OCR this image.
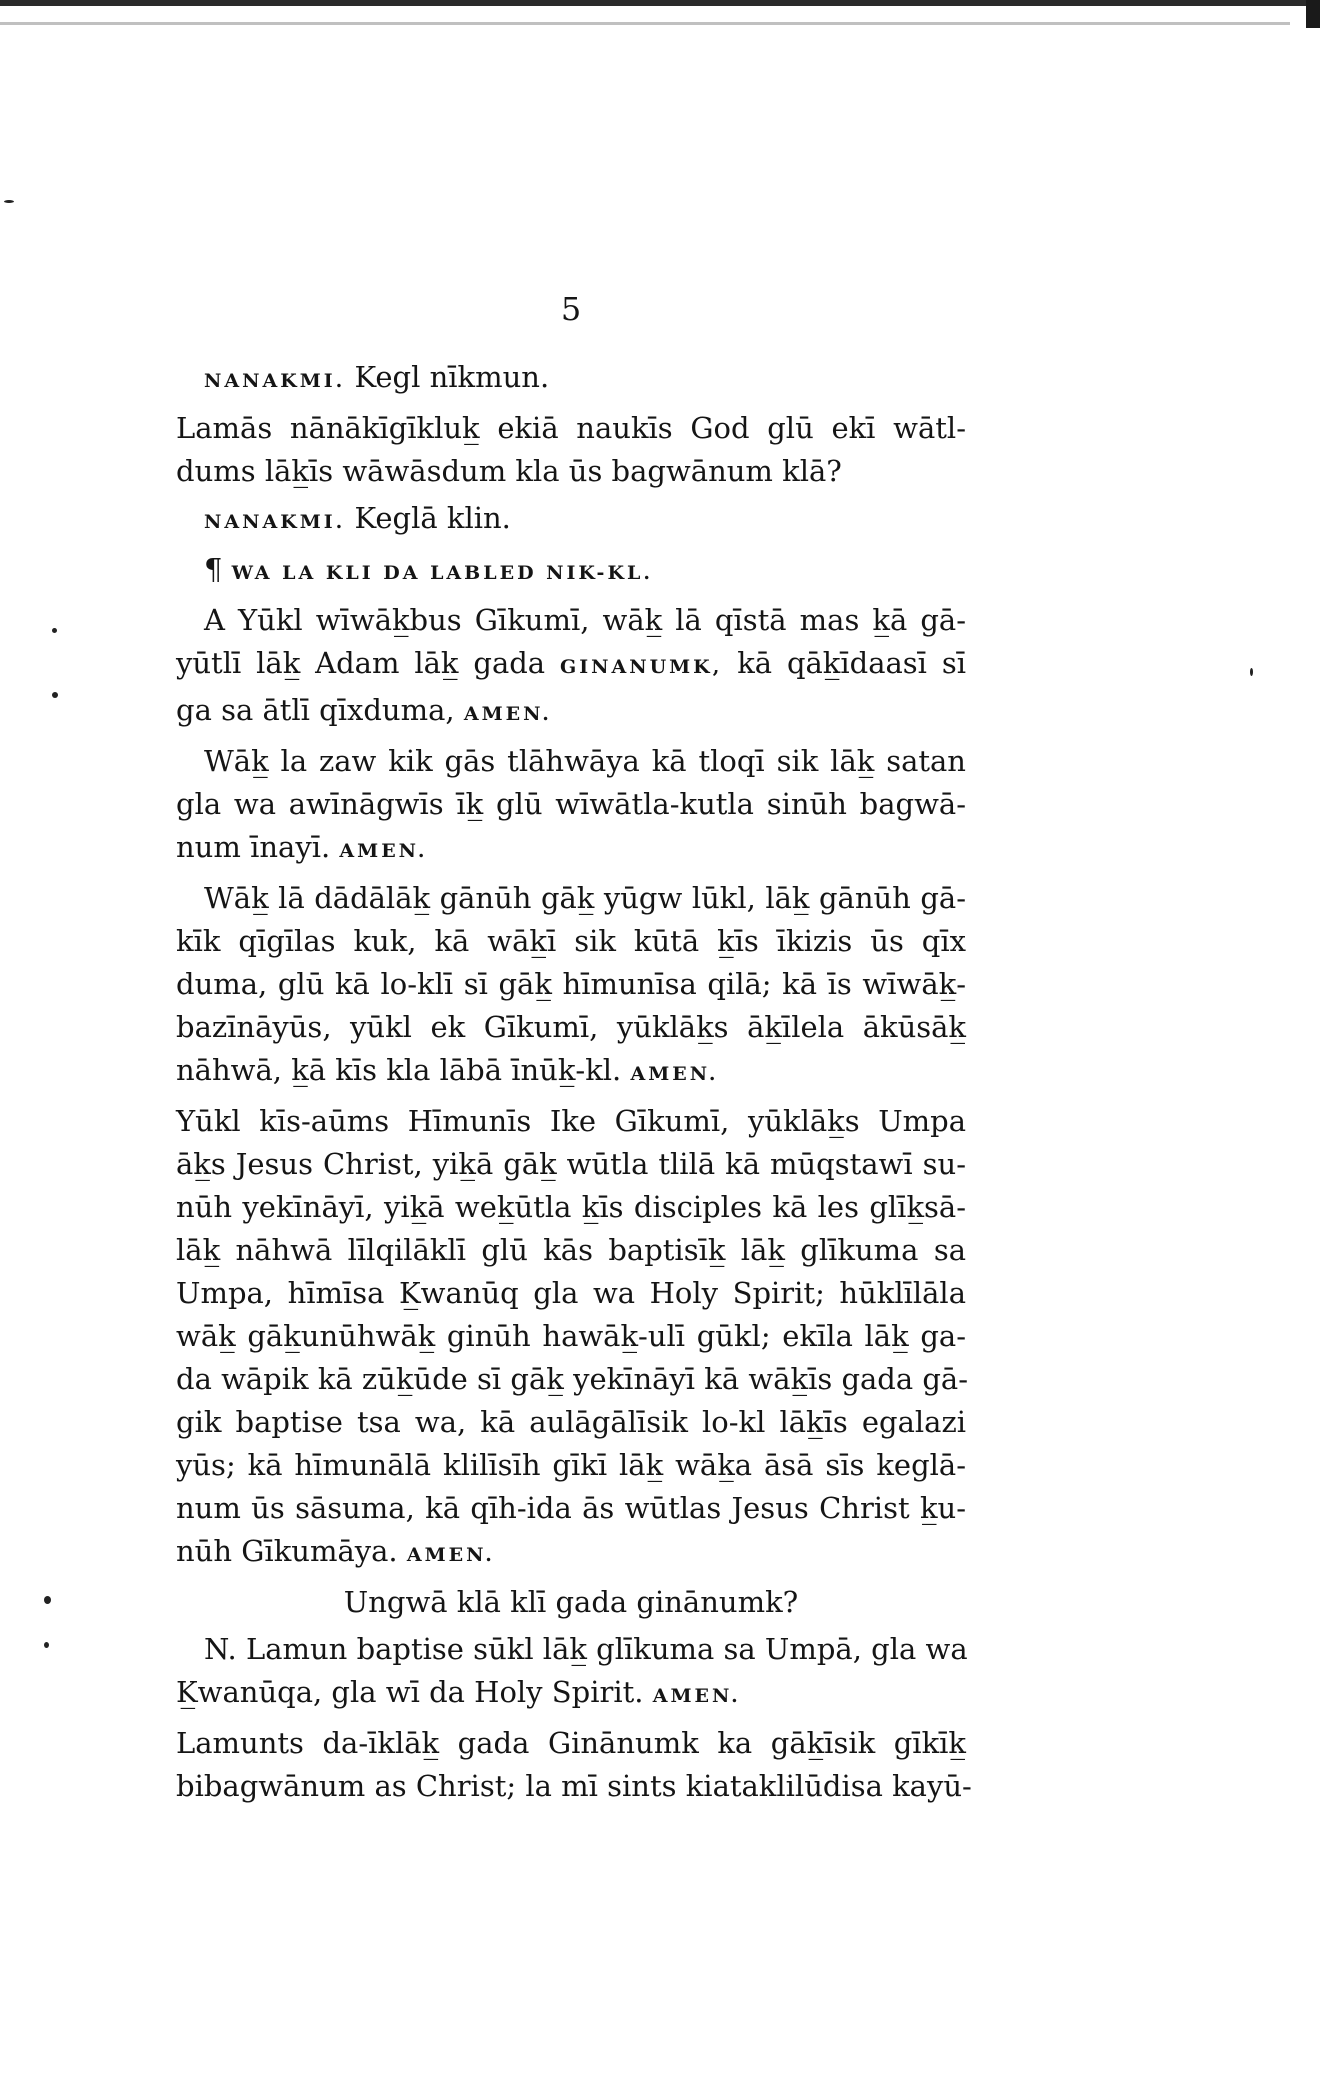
5
NANAKMI. Kegl nīkmun.
Lamās nānākīgīkluk̲ ekiā naukīs God glū ekī wātl-
dums lāk̲īs wāwāsdum kla ūs bagwānum klā?
NANAKMI. Keglā klin.
¶ WA LA KLI DA LABLED NIK-KL.
A Yūkl wīwāk̲bus Gīkumī, wāk̲ lā qīstā mas k̲ā gā-
yūtlī lāk̲ Adam lāk̲ gada GINANUMK, kā qāk̲īdaasī sī
ga sa ātlī qīxduma, AMEN.
Wāk̲ la zaw kik gās tlāhwāya kā tloqī sik lāk̲ satan
gla wa awīnāgwīs īk̲ glū wīwātla-kutla sinūh bagwā-
num īnayī. AMEN.
Wāk̲ lā dādālāk̲ gānūh gāk̲ yūgw lūkl, lāk̲ gānūh gā-
kīk qīgīlas kuk, kā wāk̲ī sik kūtā k̲īs īkizis ūs qīx
duma, glū kā lo-klī sī gāk̲ hīmunīsa qilā; kā īs wīwāk̲-
bazīnāyūs, yūkl ek Gīkumī, yūklāk̲s āk̲īlela ākūsāk̲
nāhwā, k̲ā kīs kla lābā īnūk̲-kl. AMEN.
Yūkl kīs-aūms Hīmunīs Ike Gīkumī, yūklāk̲s Umpa
āk̲s Jesus Christ, yik̲ā gāk̲ wūtla tlilā kā mūqstawī su-
nūh yekīnāyī, yik̲ā wek̲ūtla k̲īs disciples kā les glīk̲sā-
lāk̲ nāhwā līlqilāklī glū kās baptisīk̲ lāk̲ glīkuma sa
Umpa, hīmīsa K̲wanūq gla wa Holy Spirit; hūklīlāla
wāk̲ gāk̲unūhwāk̲ ginūh hawāk̲-ulī gūkl; ekīla lāk̲ ga-
da wāpik kā zūk̲ūde sī gāk̲ yekīnāyī kā wāk̲īs gada gā-
gik baptise tsa wa, kā aulāgālīsik lo-kl lāk̲īs egalazi
yūs; kā hīmunālā klilīsīh gīkī lāk̲ wāk̲a āsā sīs keglā-
num ūs sāsuma, kā qīh-ida ās wūtlas Jesus Christ k̲u-
nūh Gīkumāya. AMEN.
Ungwā klā klī gada ginānumk?
N. Lamun baptise sūkl lāk̲ glīkuma sa Umpā, gla wa
K̲wanūqa, gla wī da Holy Spirit. AMEN.
Lamunts da-īklāk̲ gada Ginānumk ka gāk̲īsik gīkīk̲
bibagwānum as Christ; la mī sints kiataklilūdisa kayū-
